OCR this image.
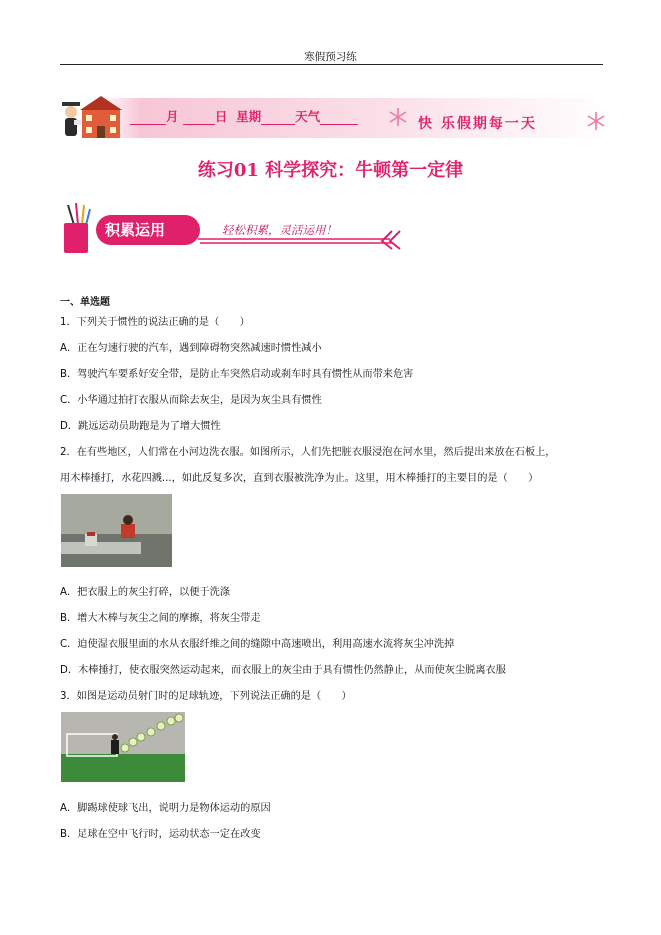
寒假预习练
月	日 星期	天气	快 乐假期每一天
练习01 科学探究：牛顿第一定律
积累运用	轻松积累，灵活运用！
一、单选题
1．下列关于惯性的说法正确的是（　　）
A．正在匀速行驶的汽车，遇到障碍物突然减速时惯性减小
B．驾驶汽车要系好安全带，是防止车突然启动或刹车时具有惯性从而带来危害
C．小华通过拍打衣服从而除去灰尘，是因为灰尘具有惯性
D．跳远运动员助跑是为了增大惯性
2．在有些地区，人们常在小河边洗衣服。如图所示，人们先把脏衣服浸泡在河水里，然后提出来放在石板上，
用木棒捶打，水花四溅...，如此反复多次，直到衣服被洗净为止。这里，用木棒捶打的主要目的是（　　）
A．把衣服上的灰尘打碎，以便于洗涤
B．增大木棒与灰尘之间的摩擦，将灰尘带走
C．迫使湿衣服里面的水从衣服纤维之间的缝隙中高速喷出，利用高速水流将灰尘冲洗掉
D．木棒捶打，使衣服突然运动起来，而衣服上的灰尘由于具有惯性仍然静止，从而使灰尘脱离衣服
3．如图是运动员射门时的足球轨迹，下列说法正确的是（　　）
A．脚踢球使球飞出，说明力是物体运动的原因
B．足球在空中飞行时，运动状态一定在改变
